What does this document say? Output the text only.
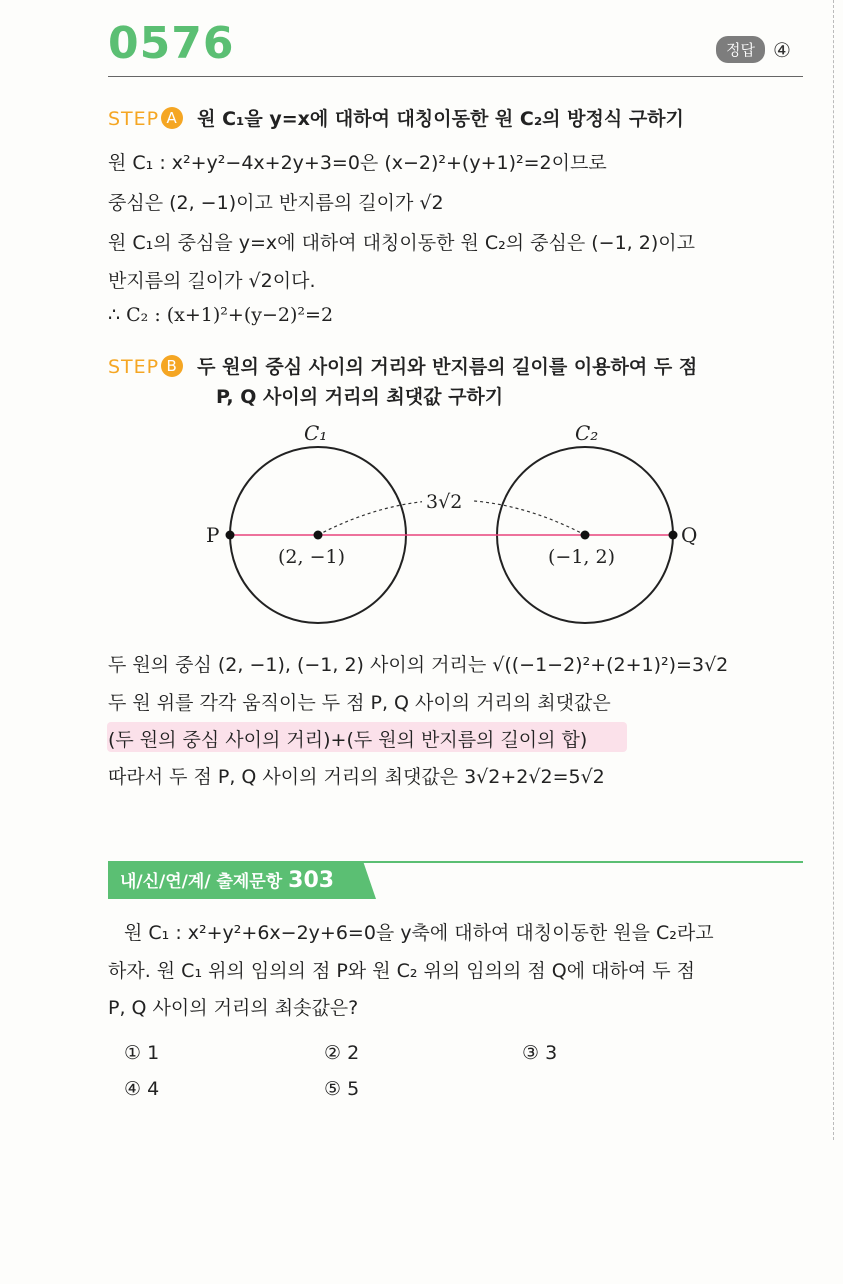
0576	정답 ④
STEP A 원 C₁을 y=x에 대하여 대칭이동한 원 C₂의 방정식 구하기
원 C₁ : x²+y²−4x+2y+3=0은 (x−2)²+(y+1)²=2이므로
중심은 (2, −1)이고 반지름의 길이가 √2
원 C₁의 중심을 y=x에 대하여 대칭이동한 원 C₂의 중심은 (−1, 2)이고
반지름의 길이가 √2이다.
∴ C₂ : (x+1)²+(y−2)²=2
STEP B 두 원의 중심 사이의 거리와 반지름의 길이를 이용하여 두 점
P, Q 사이의 거리의 최댓값 구하기
C₁	C₂
3√2
P	Q
(2, −1)	(−1, 2)
두 원의 중심 (2, −1), (−1, 2) 사이의 거리는 √((−1−2)²+(2+1)²)=3√2
두 원 위를 각각 움직이는 두 점 P, Q 사이의 거리의 최댓값은
(두 원의 중심 사이의 거리)+(두 원의 반지름의 길이의 합)
따라서 두 점 P, Q 사이의 거리의 최댓값은 3√2+2√2=5√2
내/신/연/계/ 출제문항 303
원 C₁ : x²+y²+6x−2y+6=0을 y축에 대하여 대칭이동한 원을 C₂라고
하자. 원 C₁ 위의 임의의 점 P와 원 C₂ 위의 임의의 점 Q에 대하여 두 점
P, Q 사이의 거리의 최솟값은?
① 1	② 2	③ 3
④ 4	⑤ 5
